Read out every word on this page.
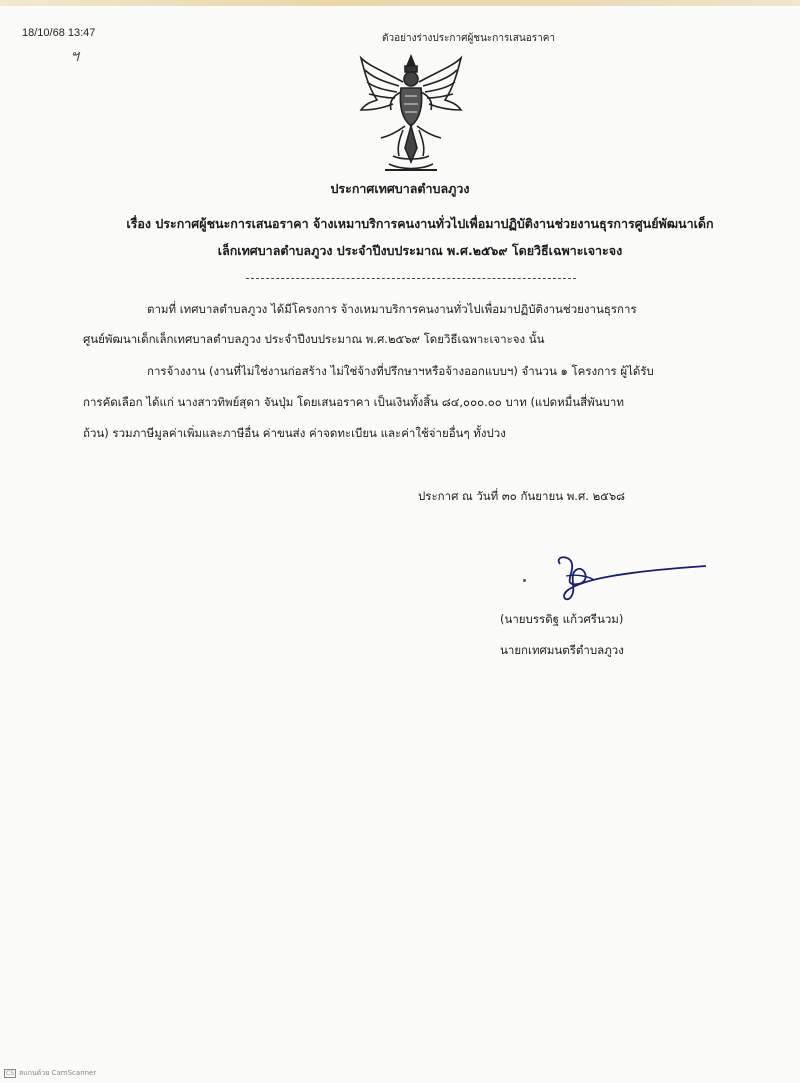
18/10/68 13:47
ฯ
ตัวอย่างร่างประกาศผู้ชนะการเสนอราคา
ประกาศเทศบาลตำบลภูวง
เรื่อง ประกาศผู้ชนะการเสนอราคา จ้างเหมาบริการคนงานทั่วไปเพื่อมาปฏิบัติงานช่วยงานธุรการศูนย์พัฒนาเด็ก
เล็กเทศบาลตำบลภูวง ประจำปีงบประมาณ พ.ศ.๒๕๖๙ โดยวิธีเฉพาะเจาะจง
ตามที่ เทศบาลตำบลภูวง ได้มีโครงการ จ้างเหมาบริการคนงานทั่วไปเพื่อมาปฏิบัติงานช่วยงานธุรการ
ศูนย์พัฒนาเด็กเล็กเทศบาลตำบลภูวง ประจำปีงบประมาณ พ.ศ.๒๕๖๙ โดยวิธีเฉพาะเจาะจง นั้น
การจ้างงาน (งานที่ไม่ใช่งานก่อสร้าง ไม่ใช่จ้างที่ปรึกษาฯหรือจ้างออกแบบฯ) จำนวน ๑ โครงการ ผู้ได้รับ
การคัดเลือก ได้แก่ นางสาวทิพย์สุดา จันปุ่ม โดยเสนอราคา เป็นเงินทั้งสิ้น ๘๔,๐๐๐.๐๐ บาท (แปดหมื่นสี่พันบาท
ถ้วน) รวมภาษีมูลค่าเพิ่มและภาษีอื่น ค่าขนส่ง ค่าจดทะเบียน และค่าใช้จ่ายอื่นๆ ทั้งปวง
ประกาศ ณ วันที่ ๓๐ กันยายน พ.ศ. ๒๕๖๘
(นายบรรดิฐ แก้วศรีนวม)
นายกเทศมนตรีตำบลภูวง
CS สแกนด้วย CamScanner
